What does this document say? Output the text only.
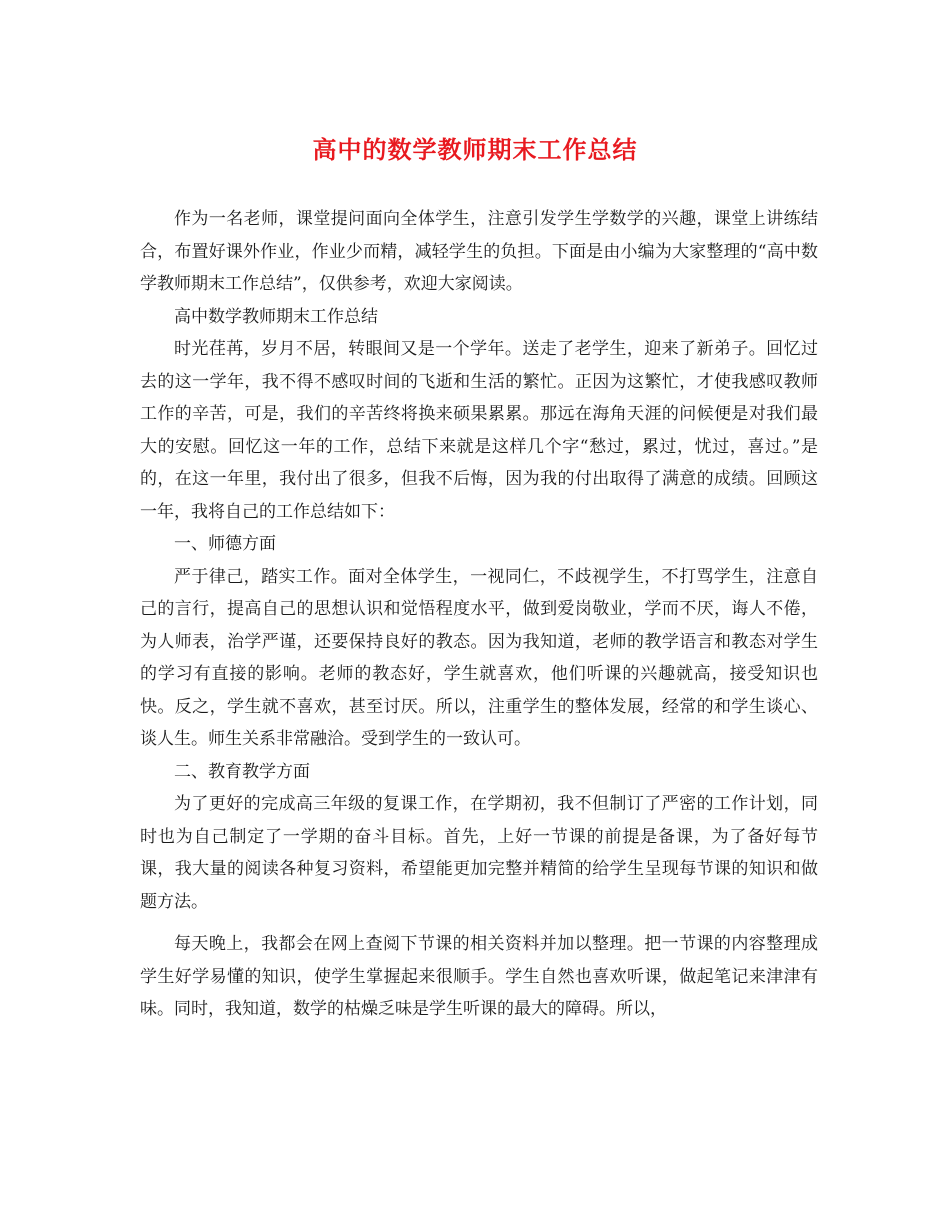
高中的数学教师期末工作总结

作为一名老师，课堂提问面向全体学生，注意引发学生学数学的兴趣，课堂上讲练结合，布置好课外作业，作业少而精，减轻学生的负担。下面是由小编为大家整理的“高中数学教师期末工作总结”，仅供参考，欢迎大家阅读。

高中数学教师期末工作总结

时光荏苒，岁月不居，转眼间又是一个学年。送走了老学生，迎来了新弟子。回忆过去的这一学年，我不得不感叹时间的飞逝和生活的繁忙。正因为这繁忙，才使我感叹教师工作的辛苦，可是，我们的辛苦终将换来硕果累累。那远在海角天涯的问候便是对我们最大的安慰。回忆这一年的工作，总结下来就是这样几个字“愁过，累过，忧过，喜过。”是的，在这一年里，我付出了很多，但我不后悔，因为我的付出取得了满意的成绩。回顾这一年，我将自己的工作总结如下：

一、师德方面

严于律己，踏实工作。面对全体学生，一视同仁，不歧视学生，不打骂学生，注意自己的言行，提高自己的思想认识和觉悟程度水平，做到爱岗敬业，学而不厌，诲人不倦，为人师表，治学严谨，还要保持良好的教态。因为我知道，老师的教学语言和教态对学生的学习有直接的影响。老师的教态好，学生就喜欢，他们听课的兴趣就高，接受知识也快。反之，学生就不喜欢，甚至讨厌。所以，注重学生的整体发展，经常的和学生谈心、谈人生。师生关系非常融洽。受到学生的一致认可。

二、教育教学方面

为了更好的完成高三年级的复课工作，在学期初，我不但制订了严密的工作计划，同时也为自己制定了一学期的奋斗目标。首先，上好一节课的前提是备课，为了备好每节课，我大量的阅读各种复习资料，希望能更加完整并精简的给学生呈现每节课的知识和做题方法。

每天晚上，我都会在网上查阅下节课的相关资料并加以整理。把一节课的内容整理成学生好学易懂的知识，使学生掌握起来很顺手。学生自然也喜欢听课，做起笔记来津津有味。同时，我知道，数学的枯燥乏味是学生听课的最大的障碍。所以，
